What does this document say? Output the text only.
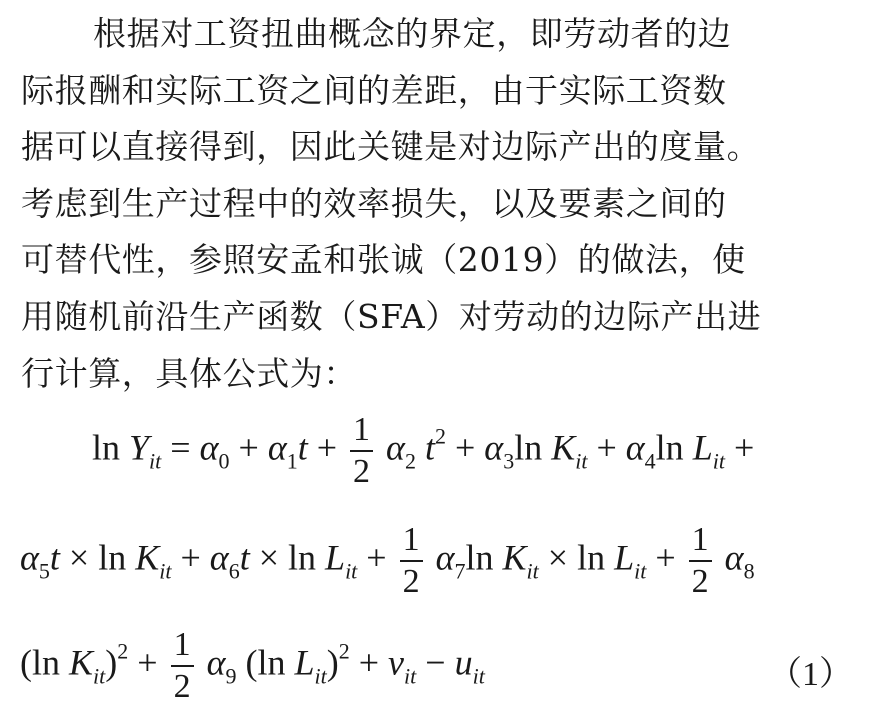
根据对工资扭曲概念的界定，即劳动者的边
际报酬和实际工资之间的差距，由于实际工资数
据可以直接得到，因此关键是对边际产出的度量。
考虑到生产过程中的效率损失，以及要素之间的
可替代性，参照安孟和张诚（2019）的做法，使
用随机前沿生产函数（SFA）对劳动的边际产出进
行计算，具体公式为：
$\ln Y_{it} = \alpha_0 + \alpha_1t + \frac{1}{2} \alpha_2$ $t^2 + \alpha_3\ln$ $K_{it} + \alpha_4\ln$ $L_{it}$ +
$\alpha_5t \times \ln K_{it} + \alpha_6t \times \ln L_{it} + \frac{1}{2} \alpha_7\ln$ $K_{it} \times \ln L_{it} + \frac{1}{2} \alpha_8$
(ln $K_{it})^2 + \frac{1}{2} \alpha_9$ (ln $L_{it})^2 + v_{it} - u_{it}$	（1）
